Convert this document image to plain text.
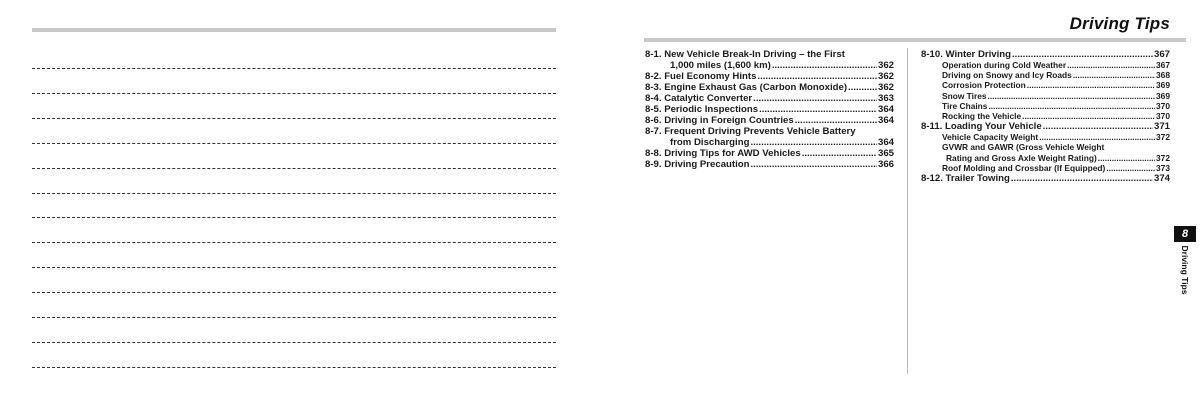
Driving Tips
8-1. New Vehicle Break-In Driving – the First
1,000 miles (1,600 km) .....	362
8-2. Fuel Economy Hints .....	362
8-3. Engine Exhaust Gas (Carbon Monoxide) .....	362
8-4. Catalytic Converter .....	363
8-5. Periodic Inspections .....	364
8-6. Driving in Foreign Countries .....	364
8-7. Frequent Driving Prevents Vehicle Battery
from Discharging .....	364
8-8. Driving Tips for AWD Vehicles .....	365
8-9. Driving Precaution .....	366
8-10. Winter Driving .....	367
Operation during Cold Weather .....	367
Driving on Snowy and Icy Roads .....	368
Corrosion Protection .....	369
Snow Tires .....	369
Tire Chains .....	370
Rocking the Vehicle .....	370
8-11. Loading Your Vehicle .....	371
Vehicle Capacity Weight .....	372
GVWR and GAWR (Gross Vehicle Weight
Rating and Gross Axle Weight Rating) .....	372
Roof Molding and Crossbar (If Equipped) .....	373
8-12. Trailer Towing .....	374
8
Driving Tips
